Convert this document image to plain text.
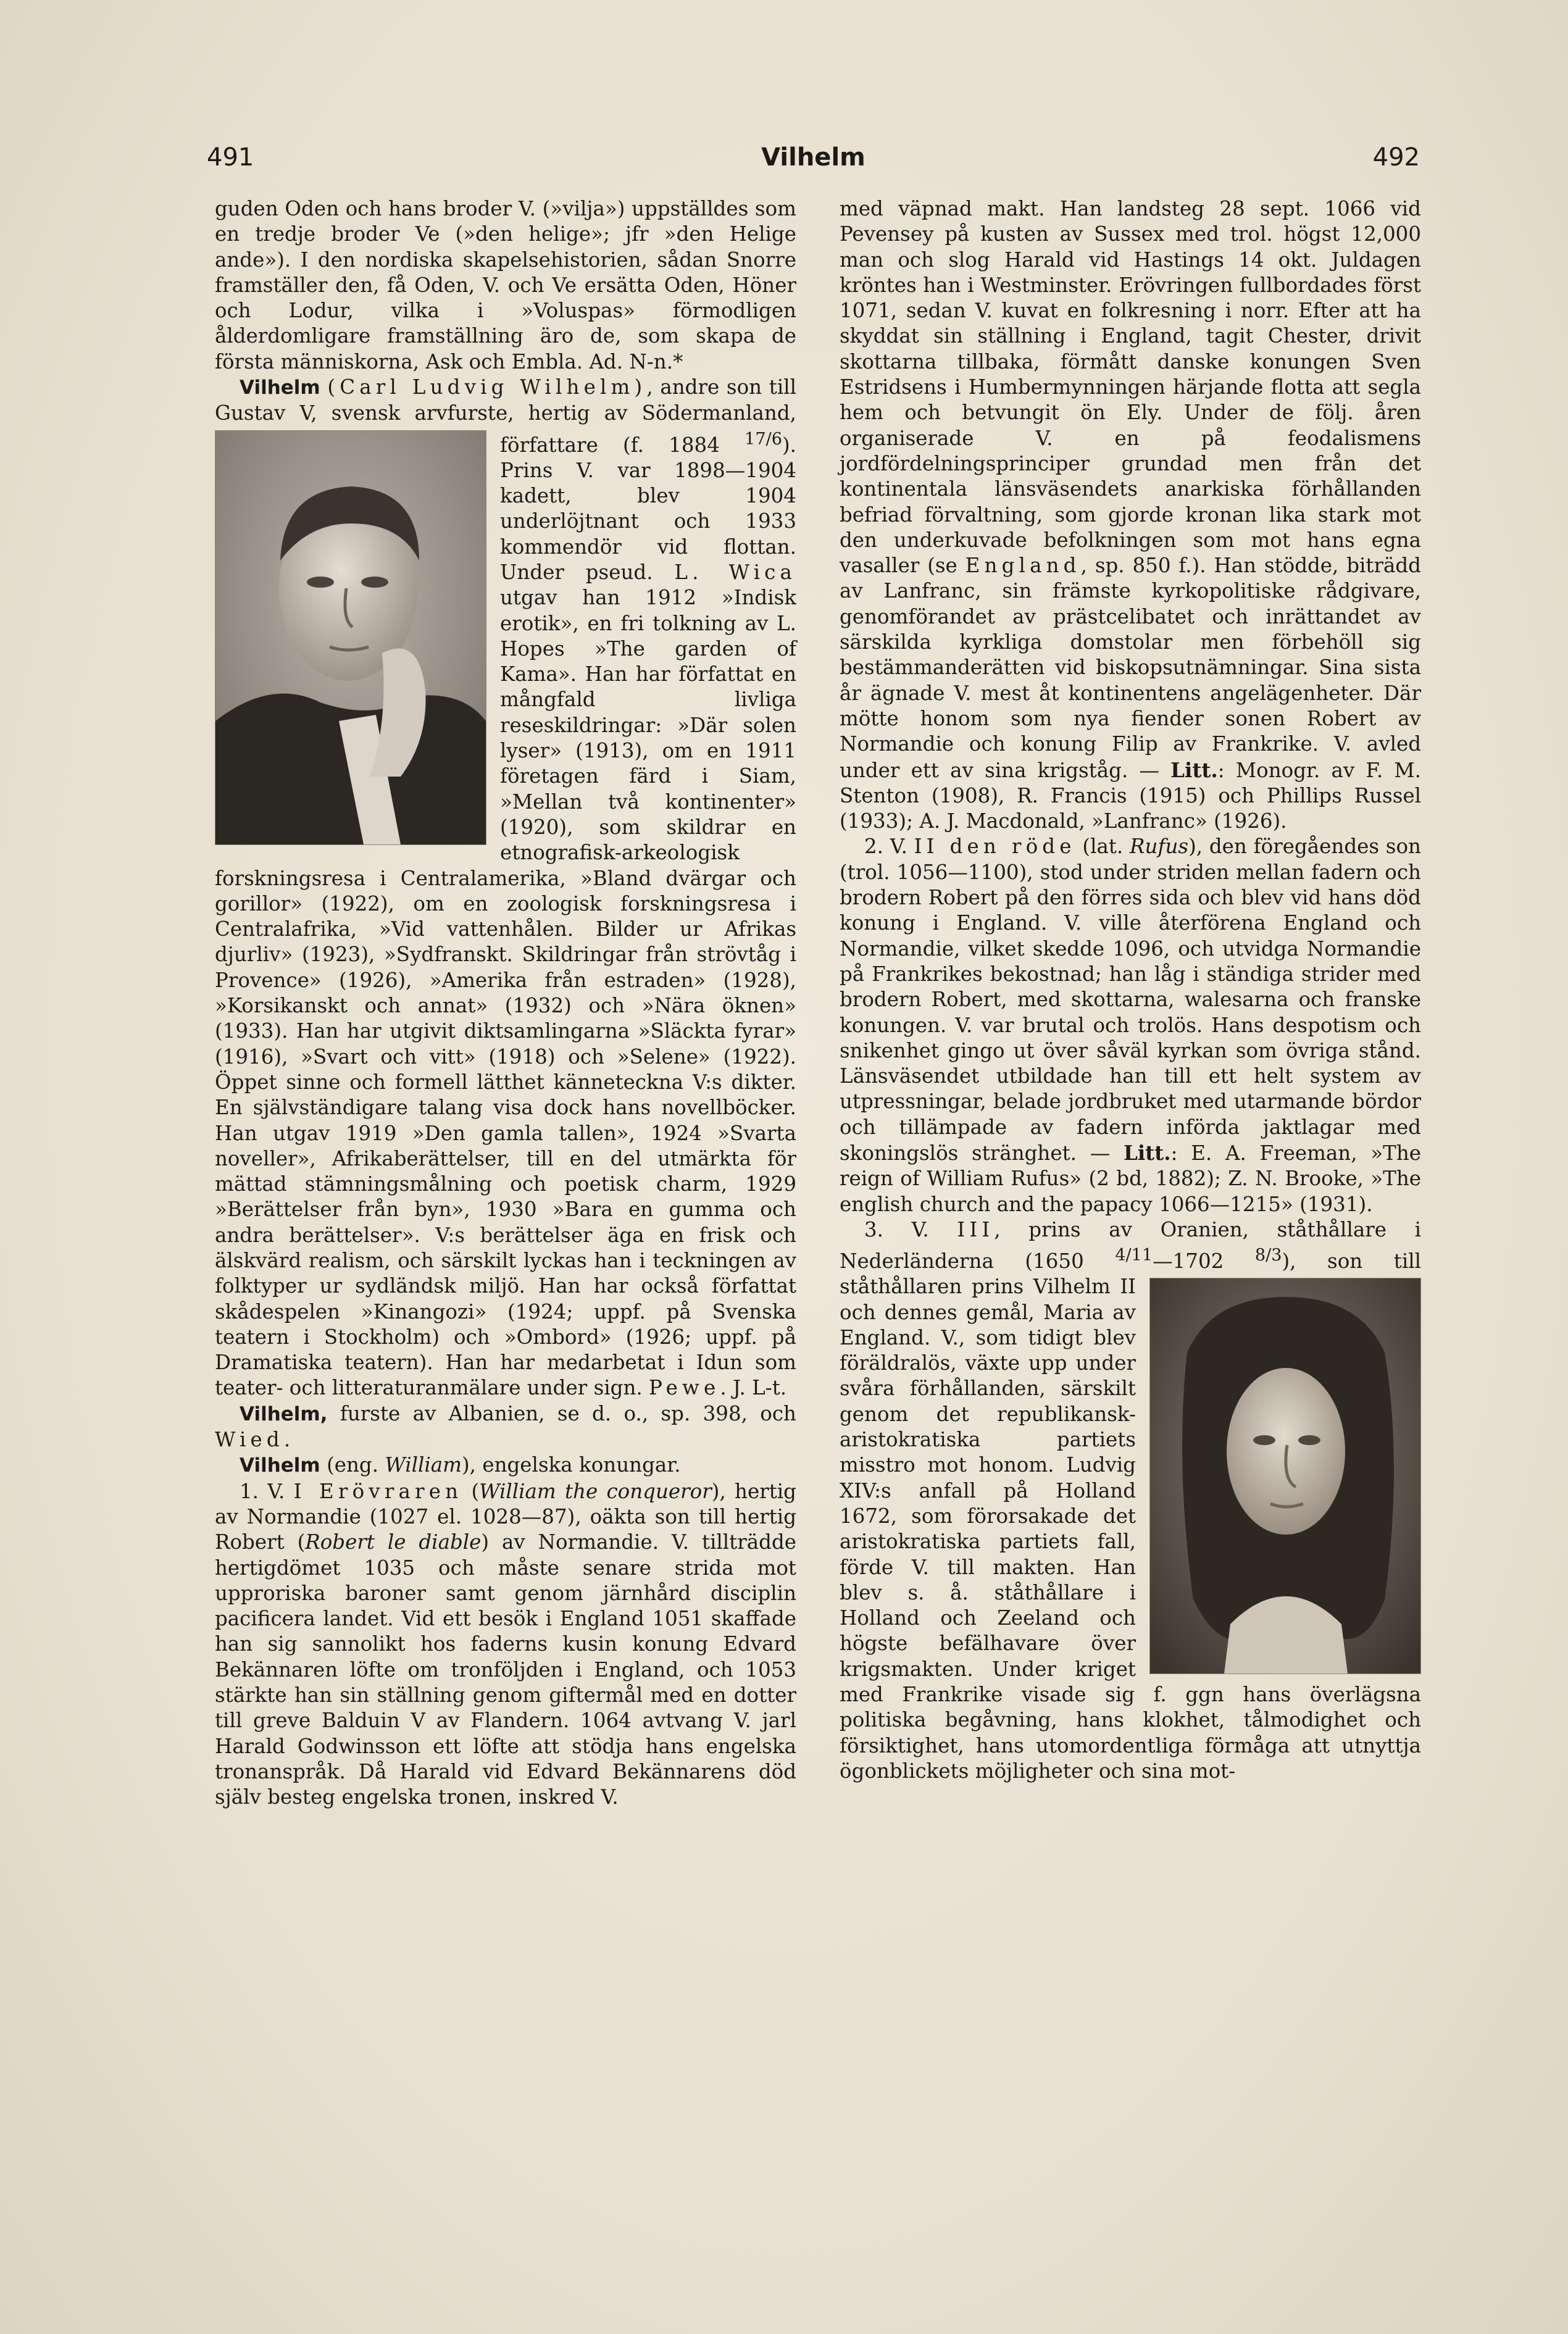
491	Vilhelm	492

guden Oden och hans broder V. (»vilja») uppställdes som en tredje broder Ve (»den helige»; jfr »den Helige ande»). I den nordiska skapelsehistorien, sådan Snorre framställer den, få Oden, V. och Ve ersätta Oden, Höner och Lodur, vilka i »Voluspas» förmodligen ålderdomligare framställning äro de, som skapa de första människorna, Ask och Embla. Ad. N-n.*

Vilhelm (Carl Ludvig Wilhelm), andre son till Gustav V, svensk arvfurste, hertig av Södermanland, författare (f. 1884 $^{17/6}$
). Prins V. var 1898—1904 kadett, blev 1904 underlöjtnant och 1933 kommendör vid flottan. Under pseud. L. Wica utgav han 1912 »Indisk erotik», en fri tolkning av L. Hopes »The garden of Kama». Han har författat en mångfald livliga reseskildringar: »Där solen lyser» (1913), om en 1911 företagen färd i Siam, »Mellan två kontinenter» (1920), som skildrar en etnografisk-arkeologisk forskningsresa i Centralamerika, »Bland dvärgar och gorillor» (1922), om en zoologisk forskningsresa i Centralafrika, »Vid vattenhålen. Bilder ur Afrikas djurliv» (1923), »Sydfranskt. Skildringar från strövtåg i Provence» (1926), »Amerika från estraden» (1928), »Korsikanskt och annat» (1932) och »Nära öknen» (1933). Han har utgivit diktsamlingarna »Släckta fyrar» (1916), »Svart och vitt» (1918) och »Selene» (1922). Öppet sinne och formell lätthet känneteckna V:s dikter. En självständigare talang visa dock hans novellböcker. Han utgav 1919 »Den gamla tallen», 1924 »Svarta noveller», Afrikaberättelser, till en del utmärkta för mättad stämningsmålning och poetisk charm, 1929 »Berättelser från byn», 1930 »Bara en gumma och andra berättelser». V:s berättelser äga en frisk och älskvärd realism, och särskilt lyckas han i teckningen av folktyper ur sydländsk miljö. Han har också författat skådespelen »Kinangozi» (1924; uppf. på Svenska teatern i Stockholm) och »Ombord» (1926; uppf. på Dramatiska teatern). Han har medarbetat i Idun som teater- och litteraturanmälare under sign. Pewe. J. L-t.

Vilhelm, furste av Albanien, se d. o., sp. 398, och Wied.

Vilhelm (eng. William), engelska konungar.

1. V. I Erövraren (William the conqueror), hertig av Normandie (1027 el. 1028—87), oäkta son till hertig Robert (Robert le diable) av Normandie. V. tillträdde hertigdömet 1035 och måste senare strida mot upproriska baroner samt genom järnhård disciplin pacificera landet. Vid ett besök i England 1051 skaffade han sig sannolikt hos faderns kusin konung Edvard Bekännaren löfte om tronföljden i England, och 1053 stärkte han sin ställning genom giftermål med en dotter till greve Balduin V av Flandern. 1064 avtvang V. jarl Harald Godwinsson ett löfte att stödja hans engelska tronanspråk. Då Harald vid Edvard Bekännarens död själv besteg engelska tronen, inskred V.

med väpnad makt. Han landsteg 28 sept. 1066 vid Pevensey på kusten av Sussex med trol. högst 12,000 man och slog Harald vid Hastings 14 okt. Juldagen kröntes han i Westminster. Erövringen fullbordades först 1071, sedan V. kuvat en folkresning i norr. Efter att ha skyddat sin ställning i England, tagit Chester, drivit skottarna tillbaka, förmått danske konungen Sven Estridsens i Humbermynningen härjande flotta att segla hem och betvungit ön Ely. Under de följ. åren organiserade V. en på feodalismens jordfördelningsprinciper grundad men från det kontinentala länsväsendets anarkiska förhållanden befriad förvaltning, som gjorde kronan lika stark mot den underkuvade befolkningen som mot hans egna vasaller (se England, sp. 850 f.). Han stödde, biträdd av Lanfranc, sin främste kyrkopolitiske rådgivare, genomförandet av prästcelibatet och inrättandet av särskilda kyrkliga domstolar men förbehöll sig bestämmanderätten vid biskopsutnämningar. Sina sista år ägnade V. mest åt kontinentens angelägenheter. Där mötte honom som nya fiender sonen Robert av Normandie och konung Filip av Frankrike. V. avled under ett av sina krigståg. — Litt.: Monogr. av F. M. Stenton (1908), R. Francis (1915) och Phillips Russel (1933); A. J. Macdonald, »Lanfranc» (1926).

2. V. II den röde (lat. Rufus), den föregåendes son (trol. 1056—1100), stod under striden mellan fadern och brodern Robert på den förres sida och blev vid hans död konung i England. V. ville återförena England och Normandie, vilket skedde 1096, och utvidga Normandie på Frankrikes bekostnad; han låg i ständiga strider med brodern Robert, med skottarna, walesarna och franske konungen. V. var brutal och trolös. Hans despotism och snikenhet gingo ut över såväl kyrkan som övriga stånd. Länsväsendet utbildade han till ett helt system av utpressningar, belade jordbruket med utarmande bördor och tillämpade av fadern införda jaktlagar med skoningslös stränghet. — Litt.: E. A. Freeman, »The reign of William Rufus» (2 bd, 1882); Z. N. Brooke, »The english church and the papacy 1066—1215» (1931).

3. V. III, prins av Oranien, ståthållare i Nederländerna (1650 $^{4/11}$—1702 $^{8/3}$
), son till ståthållaren prins Vilhelm II och dennes gemål, Maria av England. V., som tidigt blev föräldralös, växte upp under svåra förhållanden, särskilt genom det republikansk-aristokratiska partiets misstro mot honom. Ludvig XIV:s anfall på Holland 1672, som förorsakade det aristokratiska partiets fall, förde V. till makten. Han blev s. å. ståthållare i Holland och Zeeland och högste befälhavare över krigsmakten. Under kriget med Frankrike visade sig f. ggn hans överlägsna politiska begåvning, hans klokhet, tålmodighet och försiktighet, hans utomordentliga förmåga att utnyttja ögonblickets möjligheter och sina mot-
